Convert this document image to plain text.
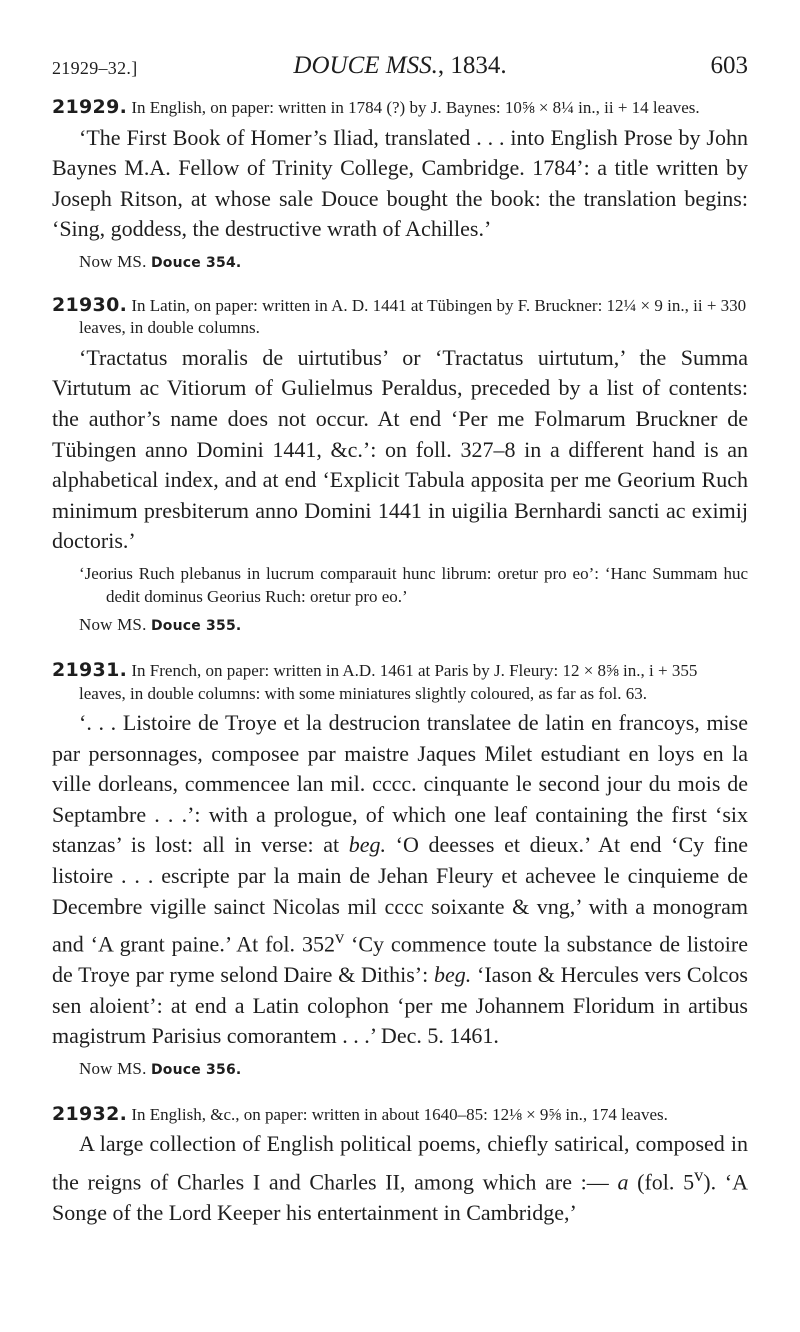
21929–32.]	DOUCE MSS., 1834.	603

21929. In English, on paper: written in 1784 (?) by J. Baynes: 10⅝ × 8¼ in., ii + 14 leaves.

‘The First Book of Homer’s Iliad, translated . . . into English Prose by John Baynes M.A. Fellow of Trinity College, Cambridge. 1784’: a title written by Joseph Ritson, at whose sale Douce bought the book: the translation begins: ‘Sing, goddess, the destructive wrath of Achilles.’

Now MS. Douce 354.

21930. In Latin, on paper: written in A. D. 1441 at Tübingen by F. Bruckner: 12¼ × 9 in., ii + 330 leaves, in double columns.

‘Tractatus moralis de uirtutibus’ or ‘Tractatus uirtutum,’ the Summa Virtutum ac Vitiorum of Gulielmus Peraldus, preceded by a list of contents: the author’s name does not occur. At end ‘Per me Folmarum Bruckner de Tübingen anno Domini 1441, &c.’: on foll. 327–8 in a different hand is an alphabetical index, and at end ‘Explicit Tabula apposita per me Georium Ruch minimum presbiterum anno Domini 1441 in uigilia Bernhardi sancti ac eximij doctoris.’

‘Jeorius Ruch plebanus in lucrum comparauit hunc librum: oretur pro eo’: ‘Hanc Summam huc dedit dominus Georius Ruch: oretur pro eo.’

Now MS. Douce 355.

21931. In French, on paper: written in A.D. 1461 at Paris by J. Fleury: 12 × 8⅝ in., i + 355 leaves, in double columns: with some miniatures slightly coloured, as far as fol. 63.

‘. . . Listoire de Troye et la destrucion translatee de latin en francoys, mise par personnages, composee par maistre Jaques Milet estudiant en loys en la ville dorleans, commencee lan mil. cccc. cinquante le second jour du mois de Septambre . . .’: with a prologue, of which one leaf containing the first ‘six stanzas’ is lost: all in verse: at beg. ‘O deesses et dieux.’ At end ‘Cy fine listoire . . . escripte par la main de Jehan Fleury et achevee le cinquieme de Decembre vigille sainct Nicolas mil cccc soixante & vng,’ with a monogram and ‘A grant paine.’ At fol. 352$^v$ ‘Cy commence toute la substance de listoire de Troye par ryme selond Daire & Dithis’: beg. ‘Iason & Hercules vers Colcos sen aloient’: at end a Latin colophon ‘per me Johannem Floridum in artibus magistrum Parisius comorantem . . .’ Dec. 5. 1461.

Now MS. Douce 356.

21932. In English, &c., on paper: written in about 1640–85: 12⅛ × 9⅝ in., 174 leaves.

A large collection of English political poems, chiefly satirical, composed in the reigns of Charles I and Charles II, among which are :— a (fol. 5$^v$). ‘A Songe of the Lord Keeper his entertainment in Cambridge,’
